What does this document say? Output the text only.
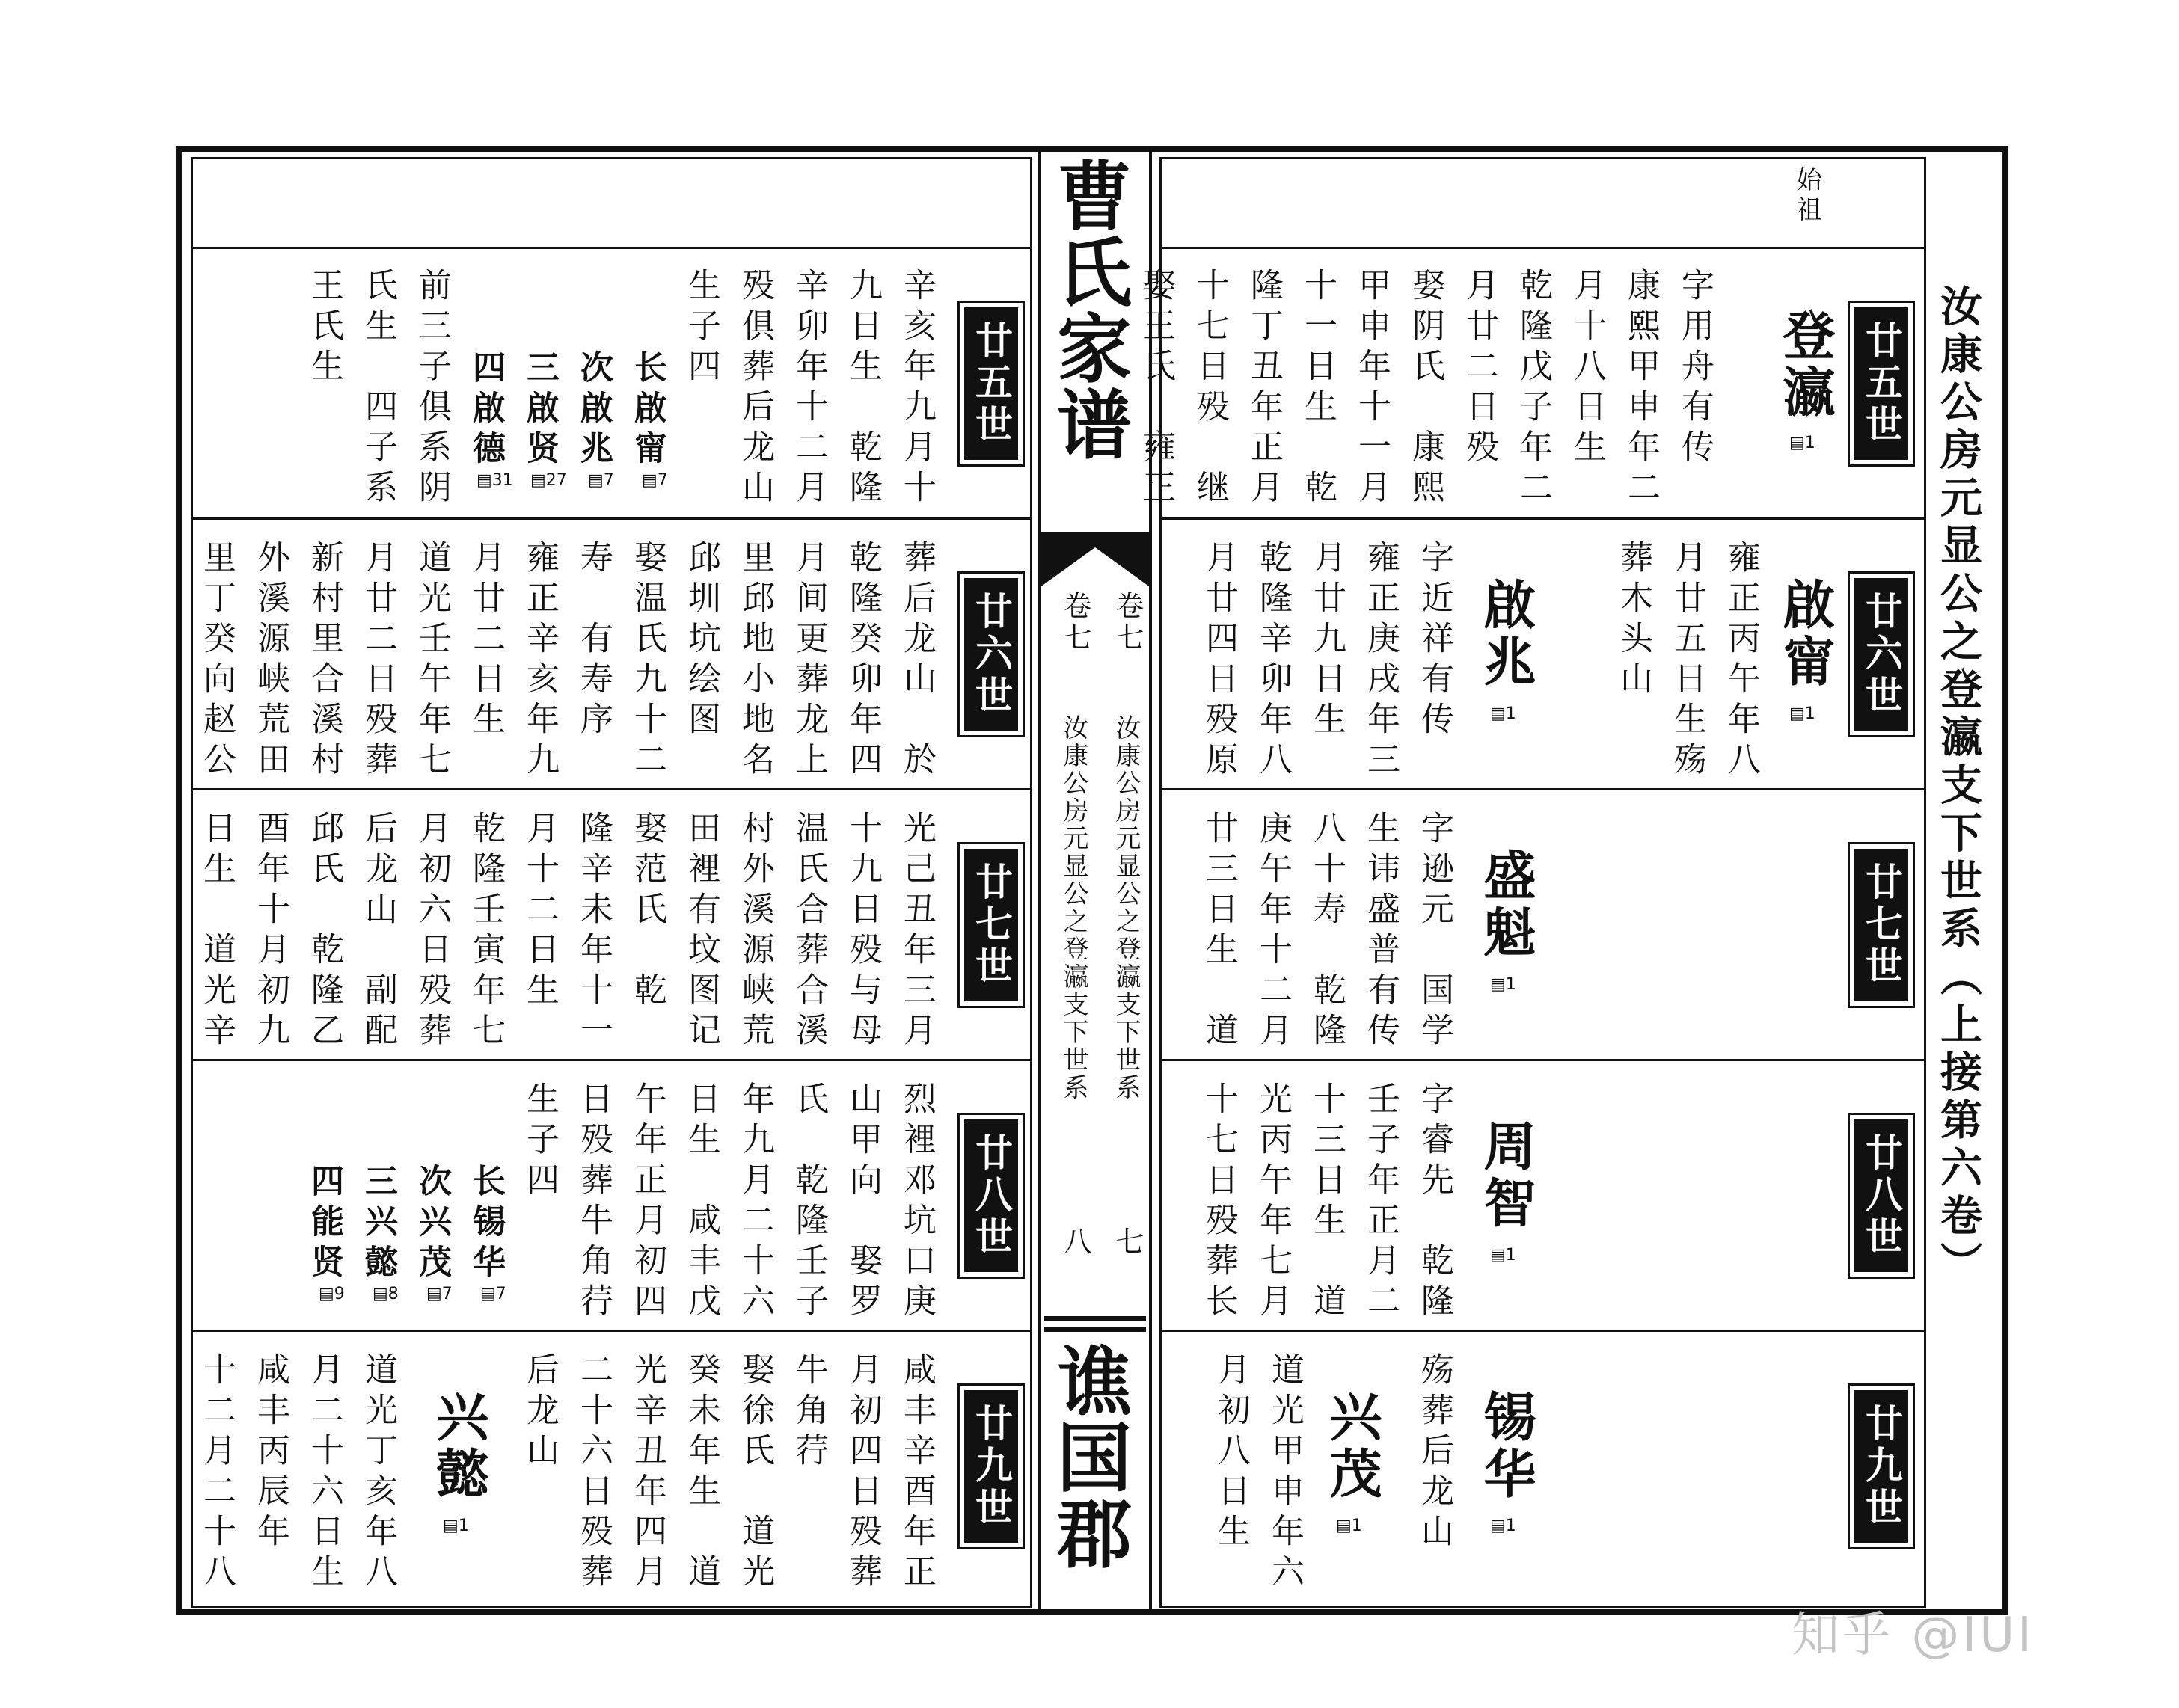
曹氏家谱
卷七
卷七
汝康公房元显公之登瀛支下世系
汝康公房元显公之登瀛支下世系
七
八
谯国郡
始祖
汝康公房元显公之登瀛支下世系（上接第六卷）
廿五世
廿六世
廿七世
廿八世
廿九世
廿五世
廿六世
廿七世
廿八世
廿九世
登瀛
▤1
字用舟有传
康熙甲申年二
月十八日生
乾隆戊子年二
月廿二日殁
娶阴氏　康熙
甲申年十一月
十一日生　乾
隆丁丑年正月
十七日殁　继
娶王氏　雍正
啟甯
▤1
雍正丙午年八
月廿五日生殇
葬木头山
啟兆
▤1
字近祥有传
雍正庚戌年三
月廿九日生
乾隆辛卯年八
月廿四日殁原
盛魁
▤1
字逊元　国学
生讳盛普有传
八十寿　乾隆
庚午年十二月
廿三日生　道
周智
▤1
字睿先　乾隆
壬子年正月二
十三日生　道
光丙午年七月
十七日殁葬长
锡华
▤1
殇葬后龙山
兴茂
▤1
道光甲申年六
月初八日生
辛亥年九月十
九日生　乾隆
辛卯年十二月
殁俱葬后龙山
生子四
长啟甯
▤7
次啟兆
▤7
三啟贤
▤27
四啟德
▤31
前三子俱系阴
氏生　四子系
王氏生
葬后龙山　於
乾隆癸卯年四
月间更葬龙上
里邱地小地名
邱圳坑绘图
娶温氏九十二
寿　有寿序
雍正辛亥年九
月廿二日生
道光壬午年七
月廿二日殁葬
新村里合溪村
外溪源峡荒田
里丁癸向赵公
光己丑年三月
十九日殁与母
温氏合葬合溪
村外溪源峡荒
田裡有坟图记
娶范氏　乾
隆辛未年十一
月十二日生
乾隆壬寅年七
月初六日殁葬
后龙山　副配
邱氏　乾隆乙
酉年十月初九
日生　道光辛
烈裡邓坑口庚
山甲向　娶罗
氏　乾隆壬子
年九月二十六
日生　咸丰戊
午年正月初四
日殁葬牛角荇
生子四
长锡华
▤7
次兴茂
▤7
三兴懿
▤8
四能贤
▤9
咸丰辛酉年正
月初四日殁葬
牛角荇
娶徐氏　道光
癸未年生　道
光辛丑年四月
二十六日殁葬
后龙山
兴懿
▤1
道光丁亥年八
月二十六日生
咸丰丙辰年
十二月二十八
知乎 @IUI
